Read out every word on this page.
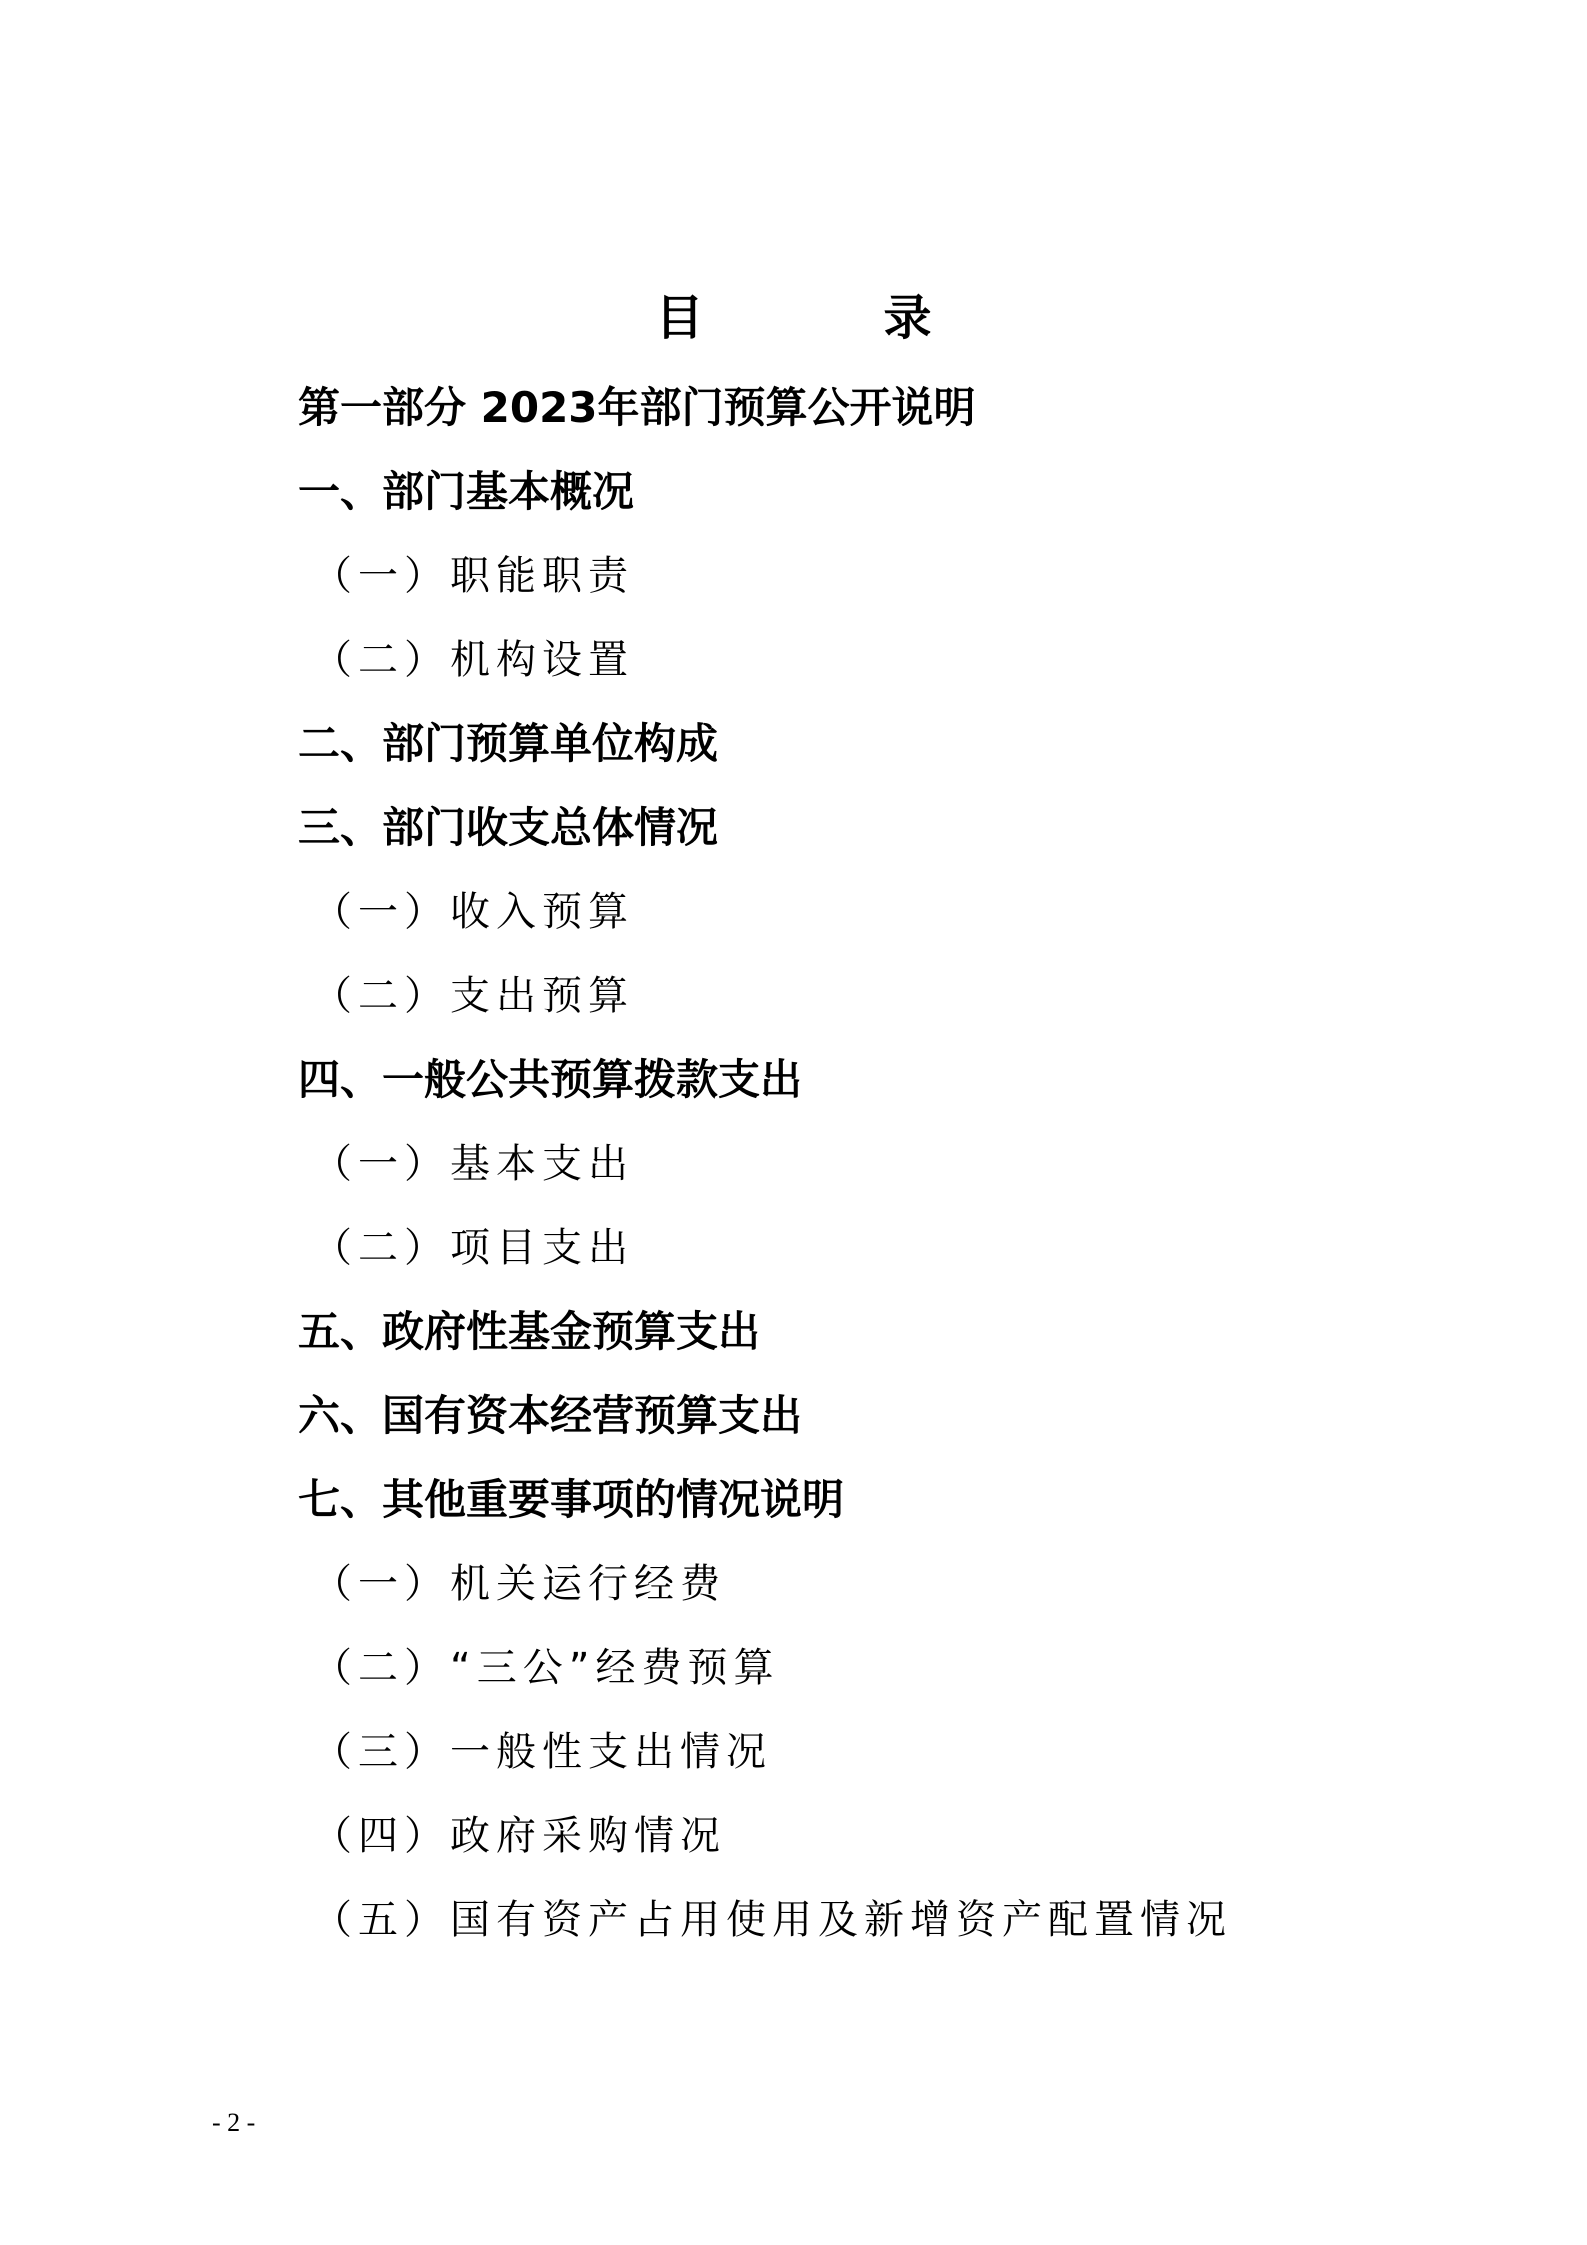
目　录
第一部分 2023年部门预算公开说明
一、部门基本概况
（一）职能职责
（二）机构设置
二、部门预算单位构成
三、部门收支总体情况
（一）收入预算
（二）支出预算
四、一般公共预算拨款支出
（一）基本支出
（二）项目支出
五、政府性基金预算支出
六、国有资本经营预算支出
七、其他重要事项的情况说明
（一）机关运行经费
（二）“三公”经费预算
（三）一般性支出情况
（四）政府采购情况
（五）国有资产占用使用及新增资产配置情况
- 2 -
